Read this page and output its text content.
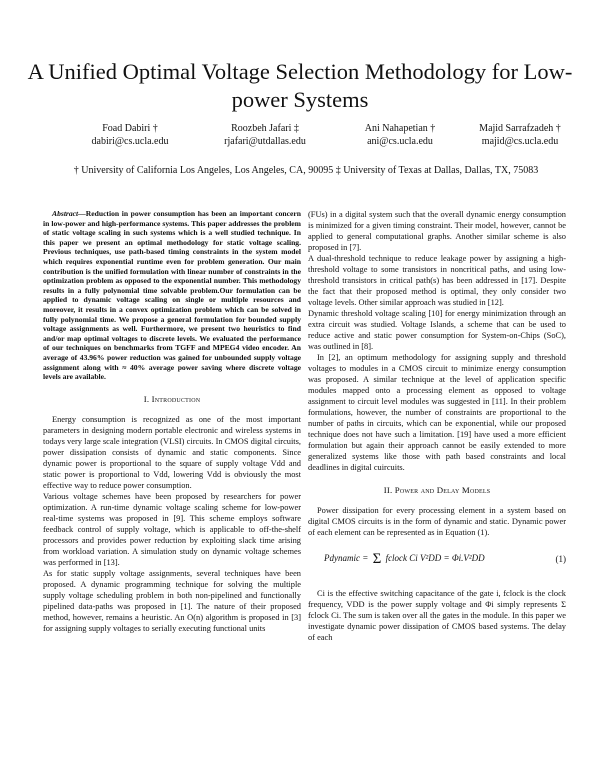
A Unified Optimal Voltage Selection Methodology for Low-power Systems
Foad Dabiri †
dabiri@cs.ucla.edu
Roozbeh Jafari ‡
rjafari@utdallas.edu
Ani Nahapetian †
ani@cs.ucla.edu
Majid Sarrafzadeh †
majid@cs.ucla.edu
† University of California Los Angeles, Los Angeles, CA, 90095 ‡ University of Texas at Dallas, Dallas, TX, 75083

Abstract—Reduction in power consumption has been an important concern in low-power and high-performance systems. This paper addresses the problem of static voltage scaling in such systems which is a well studied technique. In this paper we present an optimal methodology for static voltage scaling. Previous techniques, use path-based timing constraints in the system model which requires exponential runtime even for problem generation. Our main contribution is the unified formulation with linear number of constraints in the optimization problem as opposed to the exponential number. This methodology results in a fully polynomial time solvable problem.Our formulation can be applied to dynamic voltage scaling on single or multiple resources and moreover, it results in a convex optimization problem which can be solved in fully polynomial time. We propose a general formulation for bounded supply voltage assignments as well. Furthermore, we present two heuristics to find and/or map optimal voltages to discrete levels. We evaluated the performance of our techniques on benchmarks from TGFF and MPEG4 video encoder. An average of 43.96% power reduction was gained for unbounded supply voltage assignment along with ≈ 40% average power saving where discrete voltage levels are available.

I. Introduction

Energy consumption is recognized as one of the most important parameters in designing modern portable electronic and wireless systems in todays very large scale integration (VLSI) circuits. In CMOS digital circuits, power dissipation consists of dynamic and static components. Since dynamic power is proportional to the square of supply voltage Vdd and static power is proportional to Vdd, lowering Vdd is obviously the most effective way to reduce power consumption.

Various voltage schemes have been proposed by researchers for power optimization. A run-time dynamic voltage scaling scheme for low-power real-time systems was proposed in [9]. This scheme employs software feedback control of supply voltage, which is applicable to off-the-shelf processors and provides power reduction by exploiting slack time arising from workload variation. A simulation study on dynamic voltage schemes was performed in [13].

As for static supply voltage assignments, several techniques have been proposed. A dynamic programming technique for solving the multiple supply voltage scheduling problem in both non-pipelined and functionally pipelined data-paths was proposed in [1]. The nature of their proposed method, however, remains a heuristic. An O(n) algorithm is proposed in [3] for assigning supply voltages to serially executing functional units

(FUs) in a digital system such that the overall dynamic energy consumption is minimized for a given timing constraint. Their model, however, cannot be applied to general computational graphs. Another similar scheme is also proposed in [7].

A dual-threshold technique to reduce leakage power by assigning a high-threshold voltage to some transistors in noncritical paths, and using low-threshold transistors in critical path(s) has been addressed in [17]. Despite the fact that their proposed method is optimal, they only consider two voltage levels. Other similar approach was studied in [12].

Dynamic threshold voltage scaling [10] for energy minimization through an extra circuit was studied. Voltage Islands, a scheme that can be used to reduce active and static power consumption for System-on-Chips (SoC), was outlined in [8].

In [2], an optimum methodology for assigning supply and threshold voltages to modules in a CMOS circuit to minimize energy consumption was proposed. A similar technique at the level of application specific modules mapped onto a processing element as opposed to voltage assignment to circuit level modules was suggested in [11]. In their problem formulations, however, the number of constraints are proportional to the number of paths in circuits, which can be exponential, while our proposed technique does not have such a limitation. [19] have used a more efficient formulation but again their approach cannot be easily extended to more generalized systems like those with path based constraints and local deadlines in digital cuircuits.

II. Power and Delay Models

Power dissipation for every processing element in a system based on digital CMOS circuits is in the form of dynamic and static. Dynamic power of each element can be represented as in Equation (1).

Pdynamic = Σ fclock Ci V²DD = Φi.V²DD	(1)

Ci is the effective switching capacitance of the gate i, fclock is the clock frequency, VDD is the power supply voltage and Φi simply represents Σ fclock Ci. The sum is taken over all the gates in the module. In this paper we investigate dynamic power dissipation of CMOS based systems. The delay of each
